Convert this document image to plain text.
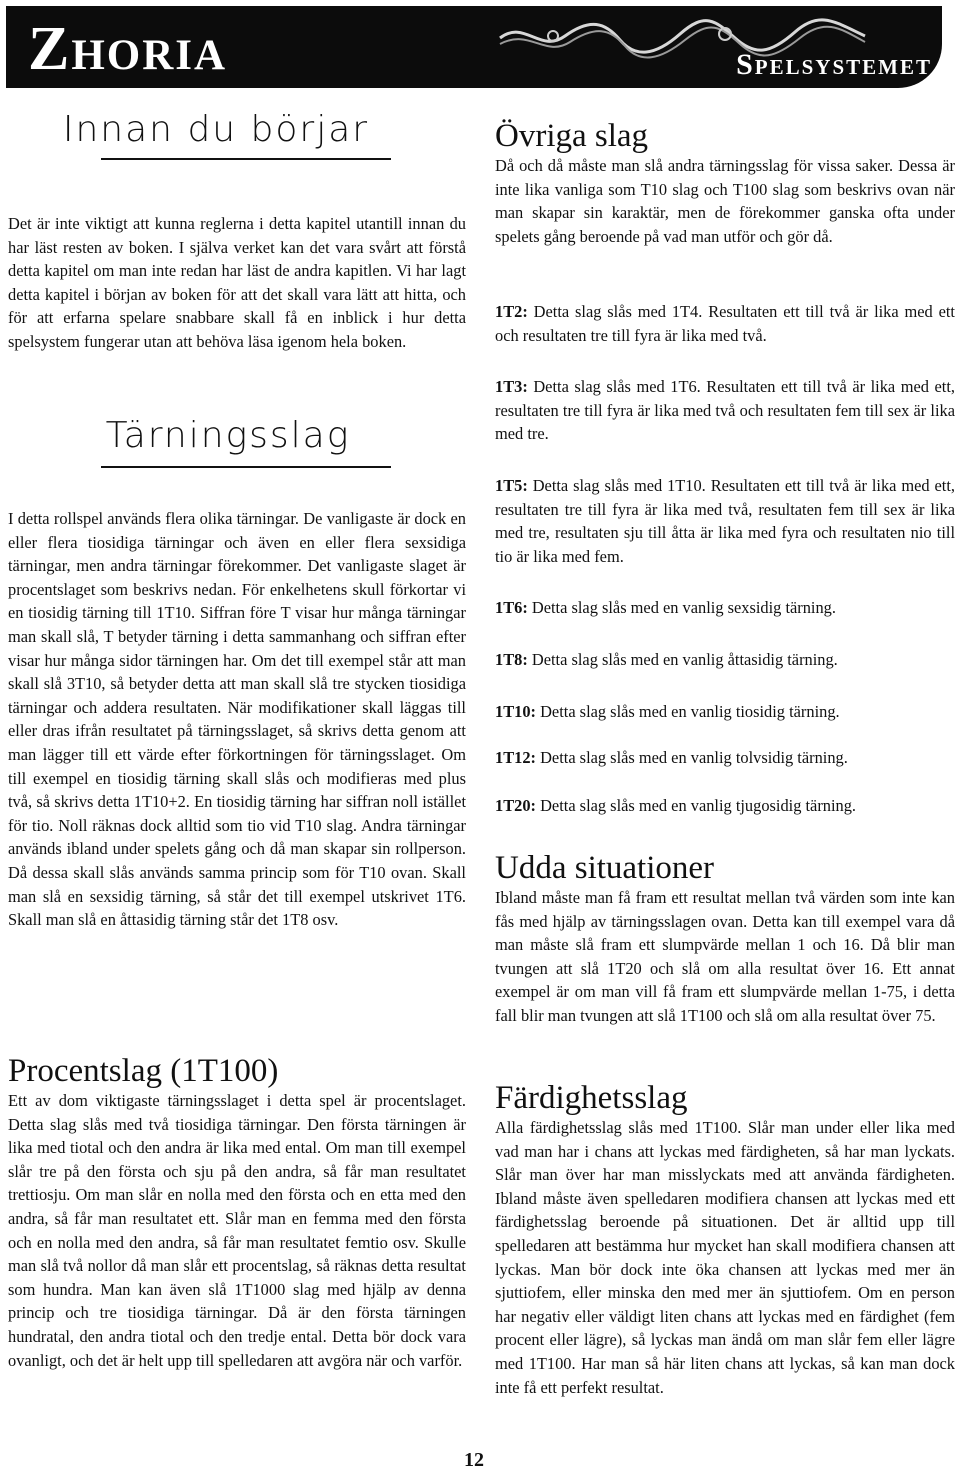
Zhoria	Spelsystemet
Innan du börjar

Det är inte viktigt att kunna reglerna i detta kapitel utantill innan du har läst resten av boken. I själva verket kan det vara svårt att förstå detta kapitel om man inte redan har läst de andra kapitlen. Vi har lagt detta kapitel i början av boken för att det skall vara lätt att hitta, och för att erfarna spelare snabbare skall få en inblick i hur detta spelsystem fungerar utan att behöva läsa igenom hela boken.

Tärningsslag

I detta rollspel används flera olika tärningar. De vanligaste är dock en eller flera tiosidiga tärningar och även en eller flera sexsidiga tärningar, men andra tärningar förekommer. Det vanligaste slaget är procentslaget som beskrivs nedan. För enkelhetens skull förkortar vi en tiosidig tärning till 1T10. Siffran före T visar hur många tärningar man skall slå, T betyder tärning i detta sammanhang och siffran efter visar hur många sidor tärningen har. Om det till exempel står att man skall slå 3T10, så betyder detta att man skall slå tre stycken tiosidiga tärningar och addera resultaten. När modifikationer skall läggas till eller dras ifrån resultatet på tärningsslaget, så skrivs detta genom att man lägger till ett värde efter förkortningen för tärningsslaget. Om till exempel en tiosidig tärning skall slås och modifieras med plus två, så skrivs detta 1T10+2. En tiosidig tärning har siffran noll istället för tio. Noll räknas dock alltid som tio vid T10 slag. Andra tärningar används ibland under spelets gång och då man skapar sin rollperson. Då dessa skall slås används samma princip som för T10 ovan. Skall man slå en sexsidig tärning, så står det till exempel utskrivet 1T6. Skall man slå en åttasidig tärning står det 1T8 osv.

Procentslag (1T100)

Ett av dom viktigaste tärningsslaget i detta spel är procentslaget. Detta slag slås med två tiosidiga tärningar. Den första tärningen är lika med tiotal och den andra är lika med ental. Om man till exempel slår tre på den första och sju på den andra, så får man resultatet trettiosju. Om man slår en nolla med den första och en etta med den andra, så får man resultatet ett. Slår man en femma med den första och en nolla med den andra, så får man resultatet femtio osv. Skulle man slå två nollor då man slår ett procentslag, så räknas detta resultat som hundra. Man kan även slå 1T1000 slag med hjälp av denna princip och tre tiosidiga tärningar. Då är den första tärningen hundratal, den andra tiotal och den tredje ental. Detta bör dock vara ovanligt, och det är helt upp till spelledaren att avgöra när och varför.

Övriga slag

Då och då måste man slå andra tärningsslag för vissa saker. Dessa är inte lika vanliga som T10 slag och T100 slag som beskrivs ovan när man skapar sin karaktär, men de förekommer ganska ofta under spelets gång beroende på vad man utför och gör då.

1T2: Detta slag slås med 1T4. Resultaten ett till två är lika med ett och resultaten tre till fyra är lika med två.

1T3: Detta slag slås med 1T6. Resultaten ett till två är lika med ett, resultaten tre till fyra är lika med två och resultaten fem till sex är lika med tre.

1T5: Detta slag slås med 1T10. Resultaten ett till två är lika med ett, resultaten tre till fyra är lika med två, resultaten fem till sex är lika med tre, resultaten sju till åtta är lika med fyra och resultaten nio till tio är lika med fem.

1T6: Detta slag slås med en vanlig sexsidig tärning.

1T8: Detta slag slås med en vanlig åttasidig tärning.

1T10: Detta slag slås med en vanlig tiosidig tärning.

1T12: Detta slag slås med en vanlig tolvsidig tärning.

1T20: Detta slag slås med en vanlig tjugosidig tärning.

Udda situationer

Ibland måste man få fram ett resultat mellan två värden som inte kan fås med hjälp av tärningsslagen ovan. Detta kan till exempel vara då man måste slå fram ett slumpvärde mellan 1 och 16. Då blir man tvungen att slå 1T20 och slå om alla resultat över 16. Ett annat exempel är om man vill få fram ett slumpvärde mellan 1-75, i detta fall blir man tvungen att slå 1T100 och slå om alla resultat över 75.

Färdighetsslag

Alla färdighetsslag slås med 1T100. Slår man under eller lika med vad man har i chans att lyckas med färdigheten, så har man lyckats. Slår man över har man misslyckats med att använda färdigheten. Ibland måste även spelledaren modifiera chansen att lyckas med ett färdighetsslag beroende på situationen. Det är alltid upp till spelledaren att bestämma hur mycket han skall modifiera chansen att lyckas. Man bör dock inte öka chansen att lyckas med mer än sjuttiofem, eller minska den med mer än sjuttiofem. Om en person har negativ eller väldigt liten chans att lyckas med en färdighet (fem procent eller lägre), så lyckas man ändå om man slår fem eller lägre med 1T100. Har man så här liten chans att lyckas, så kan man dock inte få ett perfekt resultat.

12
